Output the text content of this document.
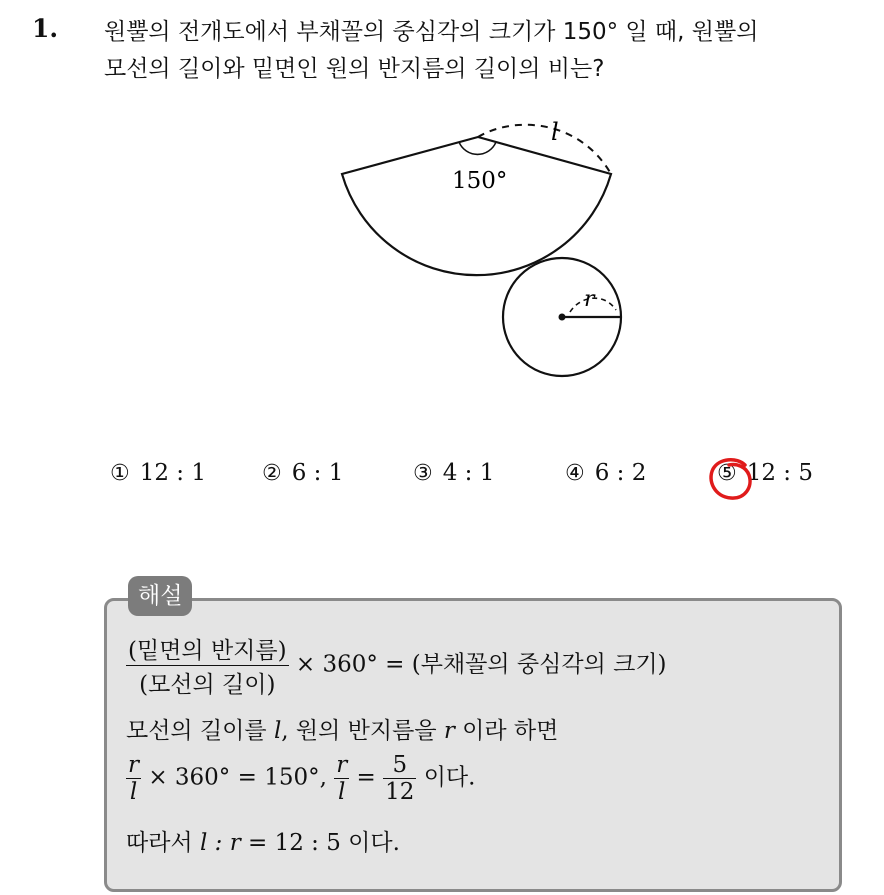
1. 원뿔의 전개도에서 부채꼴의 중심각의 크기가 150° 일 때, 원뿔의
모선의 길이와 밑면인 원의 반지름의 길이의 비는?
150°
l
r
① 12 : 1	② 6 : 1	③ 4 : 1	④ 6 : 2	⑤ 12 : 5
해설
$\frac{\text{(밑면의 반지름)}}{\text{(모선의 길이)}} \times 360^\circ$ = (부채꼴의 중심각의 크기)
모선의 길이를 l, 원의 반지름을 r 이라 하면
$\frac{r}{l} \times 360^\circ = 150^\circ$, $\frac{r}{l} = \frac{5}{12}$ 이다.
따라서 l : r = 12 : 5 이다.
